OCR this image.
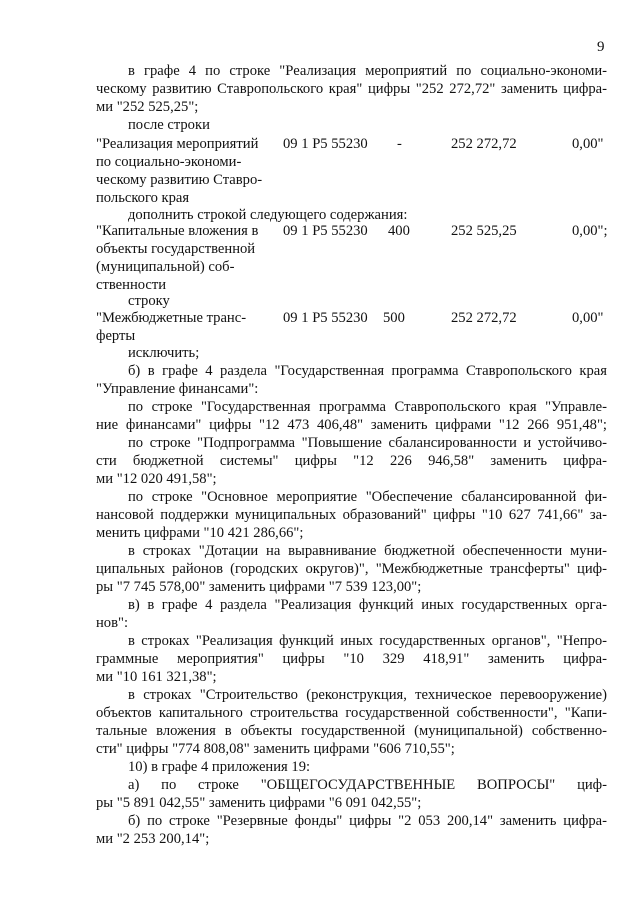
9
в графе 4 по строке "Реализация мероприятий по социально-экономи-
ческому развитию Ставропольского края" цифры "252 272,72" заменить цифра-
ми "252 525,25";
после строки
"Реализация мероприятий
по социально-экономи-
ческому развитию Ставро-
польского края
09 1 P5 55230 -	252 272,72	0,00"
дополнить строкой следующего содержания:
"Капитальные вложения в
объекты государственной
(муниципальной) соб-
ственности
09 1 P5 55230 400	252 525,25	0,00";
строку
"Межбюджетные транс-
ферты
09 1 P5 55230 500	252 272,72	0,00"
исключить;
б) в графе 4 раздела "Государственная программа Ставропольского края
"Управление финансами":
по строке "Государственная программа Ставропольского края "Управле-
ние финансами" цифры "12 473 406,48" заменить цифрами "12 266 951,48";
по строке "Подпрограмма "Повышение сбалансированности и устойчиво-
сти бюджетной системы" цифры "12 226 946,58" заменить цифра-
ми "12 020 491,58";
по строке "Основное мероприятие "Обеспечение сбалансированной фи-
нансовой поддержки муниципальных образований" цифры "10 627 741,66" за-
менить цифрами "10 421 286,66";
в строках "Дотации на выравнивание бюджетной обеспеченности муни-
ципальных районов (городских округов)", "Межбюджетные трансферты" циф-
ры "7 745 578,00" заменить цифрами "7 539 123,00";
в) в графе 4 раздела "Реализация функций иных государственных орга-
нов":
в строках "Реализация функций иных государственных органов", "Непро-
граммные мероприятия" цифры "10 329 418,91" заменить цифра-
ми "10 161 321,38";
в строках "Строительство (реконструкция, техническое перевооружение)
объектов капитального строительства государственной собственности", "Капи-
тальные вложения в объекты государственной (муниципальной) собственно-
сти" цифры "774 808,08" заменить цифрами "606 710,55";
10) в графе 4 приложения 19:
а) по строке "ОБЩЕГОСУДАРСТВЕННЫЕ ВОПРОСЫ" циф-
ры "5 891 042,55" заменить цифрами "6 091 042,55";
б) по строке "Резервные фонды" цифры "2 053 200,14" заменить цифра-
ми "2 253 200,14";
